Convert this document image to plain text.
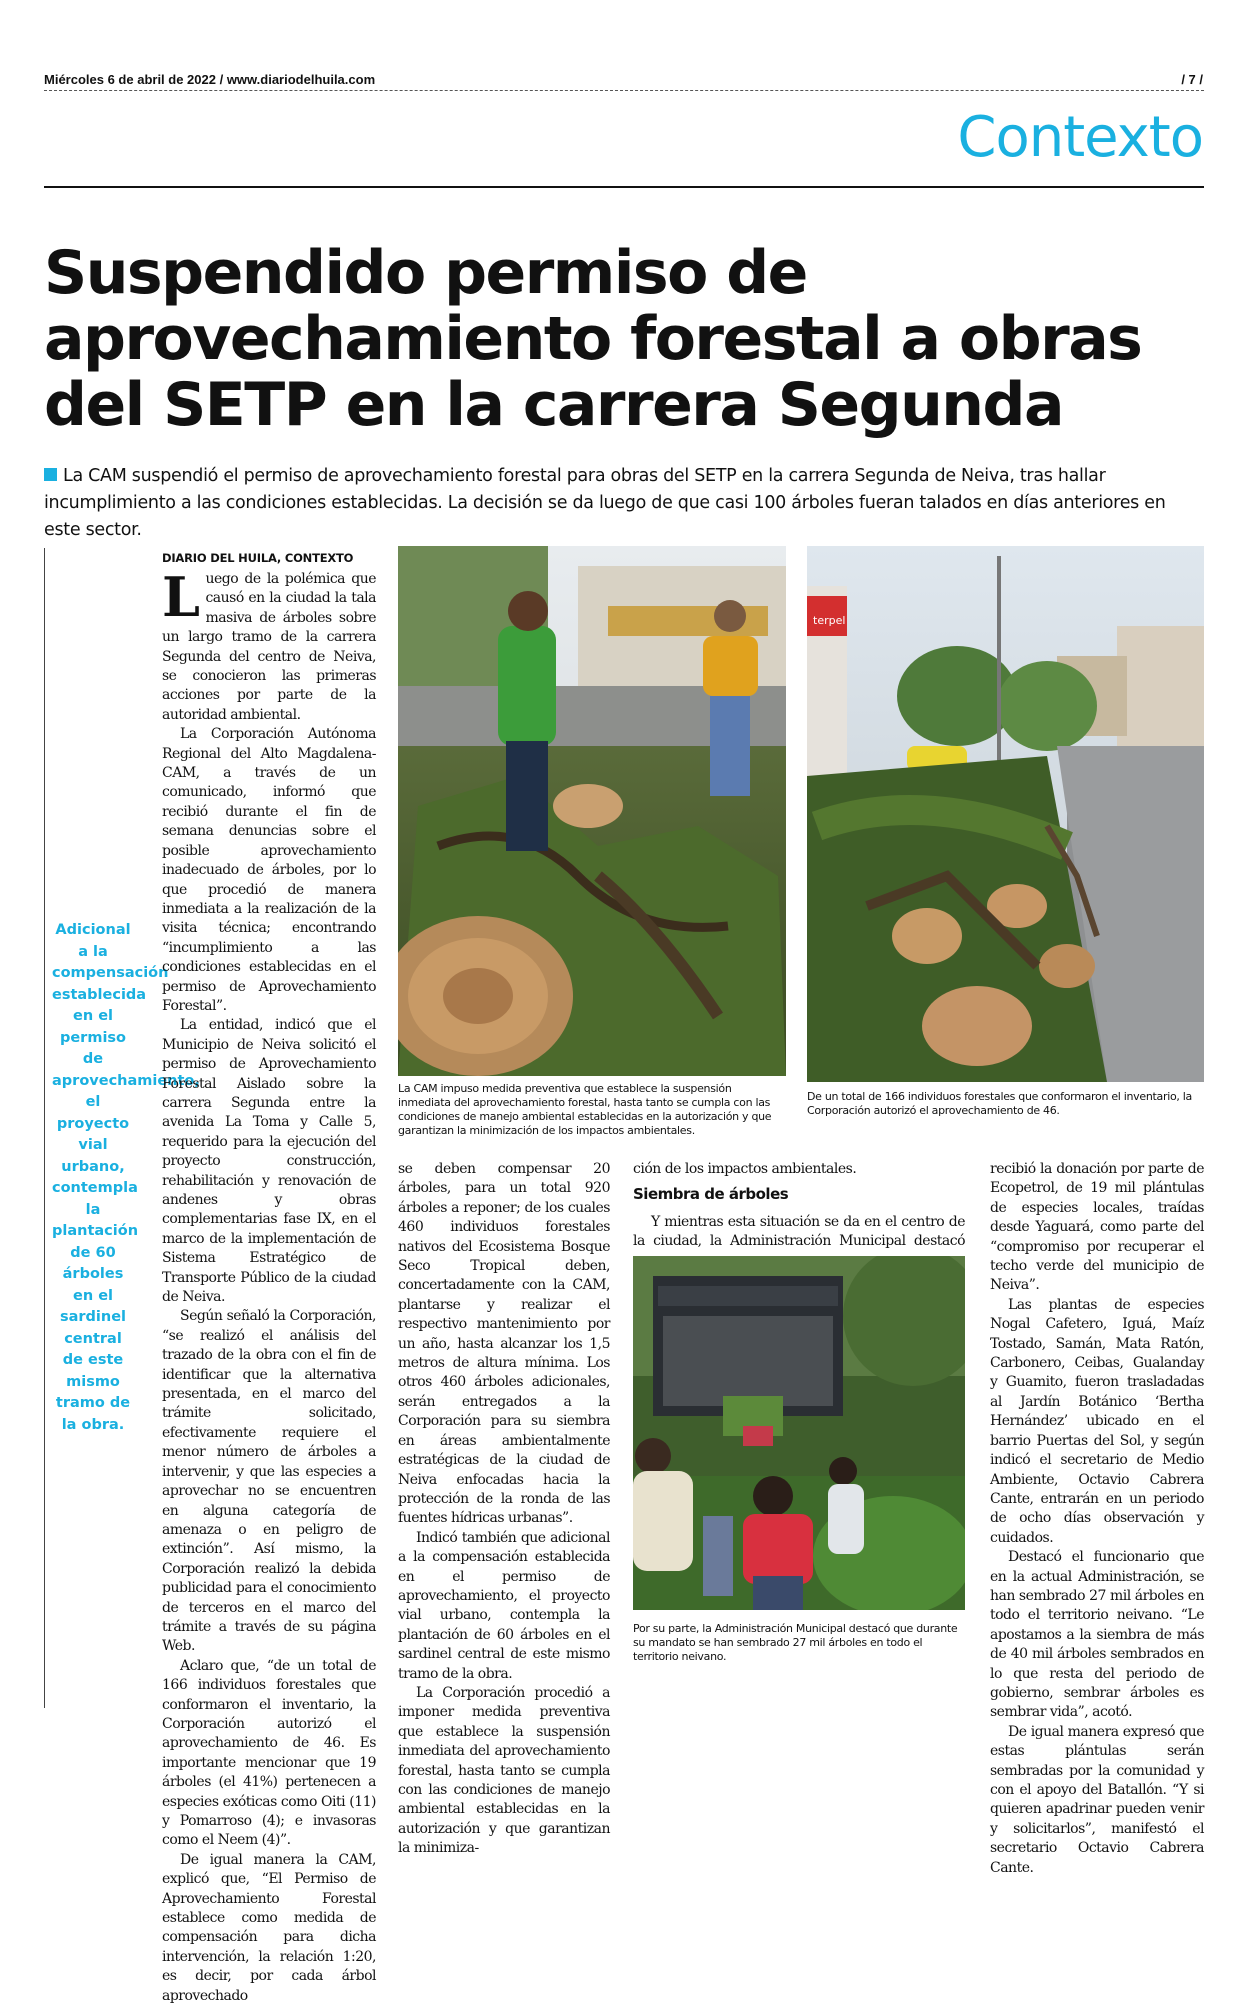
Miércoles 6 de abril de 2022 / www.diariodelhuila.com	/ 7 /
Contexto
Suspendido permiso de aprovechamiento forestal a obras del SETP en la carrera Segunda
La CAM suspendió el permiso de aprovechamiento forestal para obras del SETP en la carrera Segunda de Neiva, tras hallar incumplimiento a las condiciones establecidas. La decisión se da luego de que casi 100 árboles fueran talados en días anteriores en este sector.
Adicional a la compensación establecida en el permiso de aprovechamiento, el proyecto vial urbano, contempla la plantación de 60 árboles en el sardinel central de este mismo tramo de la obra.
DIARIO DEL HUILA, CONTEXTO

Luego de la polémica que causó en la ciudad la tala masiva de árboles sobre un largo tramo de la carrera Segunda del centro de Neiva, se conocieron las primeras acciones por parte de la autoridad ambiental.

La Corporación Autónoma Regional del Alto Magdalena-CAM, a través de un comunicado, informó que recibió durante el fin de semana denuncias sobre el posible aprovechamiento inadecuado de árboles, por lo que procedió de manera inmediata a la realización de la visita técnica; encontrando “incumplimiento a las condiciones establecidas en el permiso de Aprovechamiento Forestal”.

La entidad, indicó que el Municipio de Neiva solicitó el permiso de Aprovechamiento Forestal Aislado sobre la carrera Segunda entre la avenida La Toma y Calle 5, requerido para la ejecución del proyecto construcción, rehabilitación y renovación de andenes y obras complementarias fase IX, en el marco de la implementación de Sistema Estratégico de Transporte Público de la ciudad de Neiva.

Según señaló la Corporación, “se realizó el análisis del trazado de la obra con el fin de identificar que la alternativa presentada, en el marco del trámite solicitado, efectivamente requiere el menor número de árboles a intervenir, y que las especies a aprovechar no se encuentren en alguna categoría de amenaza o en peligro de extinción”. Así mismo, la Corporación realizó la debida publicidad para el conocimiento de terceros en el marco del trámite a través de su página Web.

Aclaro que, “de un total de 166 individuos forestales que conformaron el inventario, la Corporación autorizó el aprovechamiento de 46. Es importante mencionar que 19 árboles (el 41%) pertenecen a especies exóticas como Oiti (11) y Pomarroso (4); e invasoras como el Neem (4)”.

De igual manera la CAM, explicó que, “El Permiso de Aprovechamiento Forestal establece como medida de compensación para dicha intervención, la relación 1:20, es decir, por cada árbol aprovechado

La CAM impuso medida preventiva que establece la suspensión inmediata del aprovechamiento forestal, hasta tanto se cumpla con las condiciones de manejo ambiental establecidas en la autorización y que garantizan la minimización de los impactos ambientales.
terpel
De un total de 166 individuos forestales que conformaron el inventario, la Corporación autorizó el aprovechamiento de 46.

se deben compensar 20 árboles, para un total 920 árboles a reponer; de los cuales 460 individuos forestales nativos del Ecosistema Bosque Seco Tropical deben, concertadamente con la CAM, plantarse y realizar el respectivo mantenimiento por un año, hasta alcanzar los 1,5 metros de altura mínima. Los otros 460 árboles adicionales, serán entregados a la Corporación para su siembra en áreas ambientalmente estratégicas de la ciudad de Neiva enfocadas hacia la protección de la ronda de las fuentes hídricas urbanas”.

Indicó también que adicional a la compensación establecida en el permiso de aprovechamiento, el proyecto vial urbano, contempla la plantación de 60 árboles en el sardinel central de este mismo tramo de la obra.

La Corporación procedió a imponer medida preventiva que establece la suspensión inmediata del aprovechamiento forestal, hasta tanto se cumpla con las condiciones de manejo ambiental establecidas en la autorización y que garantizan la minimiza-

ción de los impactos ambientales.

Siembra de árboles

Y mientras esta situación se da en el centro de la ciudad, la Administración Municipal destacó

Por su parte, la Administración Municipal destacó que durante su mandato se han sembrado 27 mil árboles en todo el territorio neivano.

recibió la donación por parte de Ecopetrol, de 19 mil plántulas de especies locales, traídas desde Yaguará, como parte del “compromiso por recuperar el techo verde del municipio de Neiva”.

Las plantas de especies Nogal Cafetero, Iguá, Maíz Tostado, Samán, Mata Ratón, Carbonero, Ceibas, Gualanday y Guamito, fueron trasladadas al Jardín Botánico ‘Bertha Hernández’ ubicado en el barrio Puertas del Sol, y según indicó el secretario de Medio Ambiente, Octavio Cabrera Cante, entrarán en un periodo de ocho días observación y cuidados.

Destacó el funcionario que en la actual Administración, se han sembrado 27 mil árboles en todo el territorio neivano. “Le apostamos a la siembra de más de 40 mil árboles sembrados en lo que resta del periodo de gobierno, sembrar árboles es sembrar vida”, acotó.

De igual manera expresó que estas plántulas serán sembradas por la comunidad y con el apoyo del Batallón. “Y si quieren apadrinar pueden venir y solicitarlos”, manifestó el secretario Octavio Cabrera Cante.
